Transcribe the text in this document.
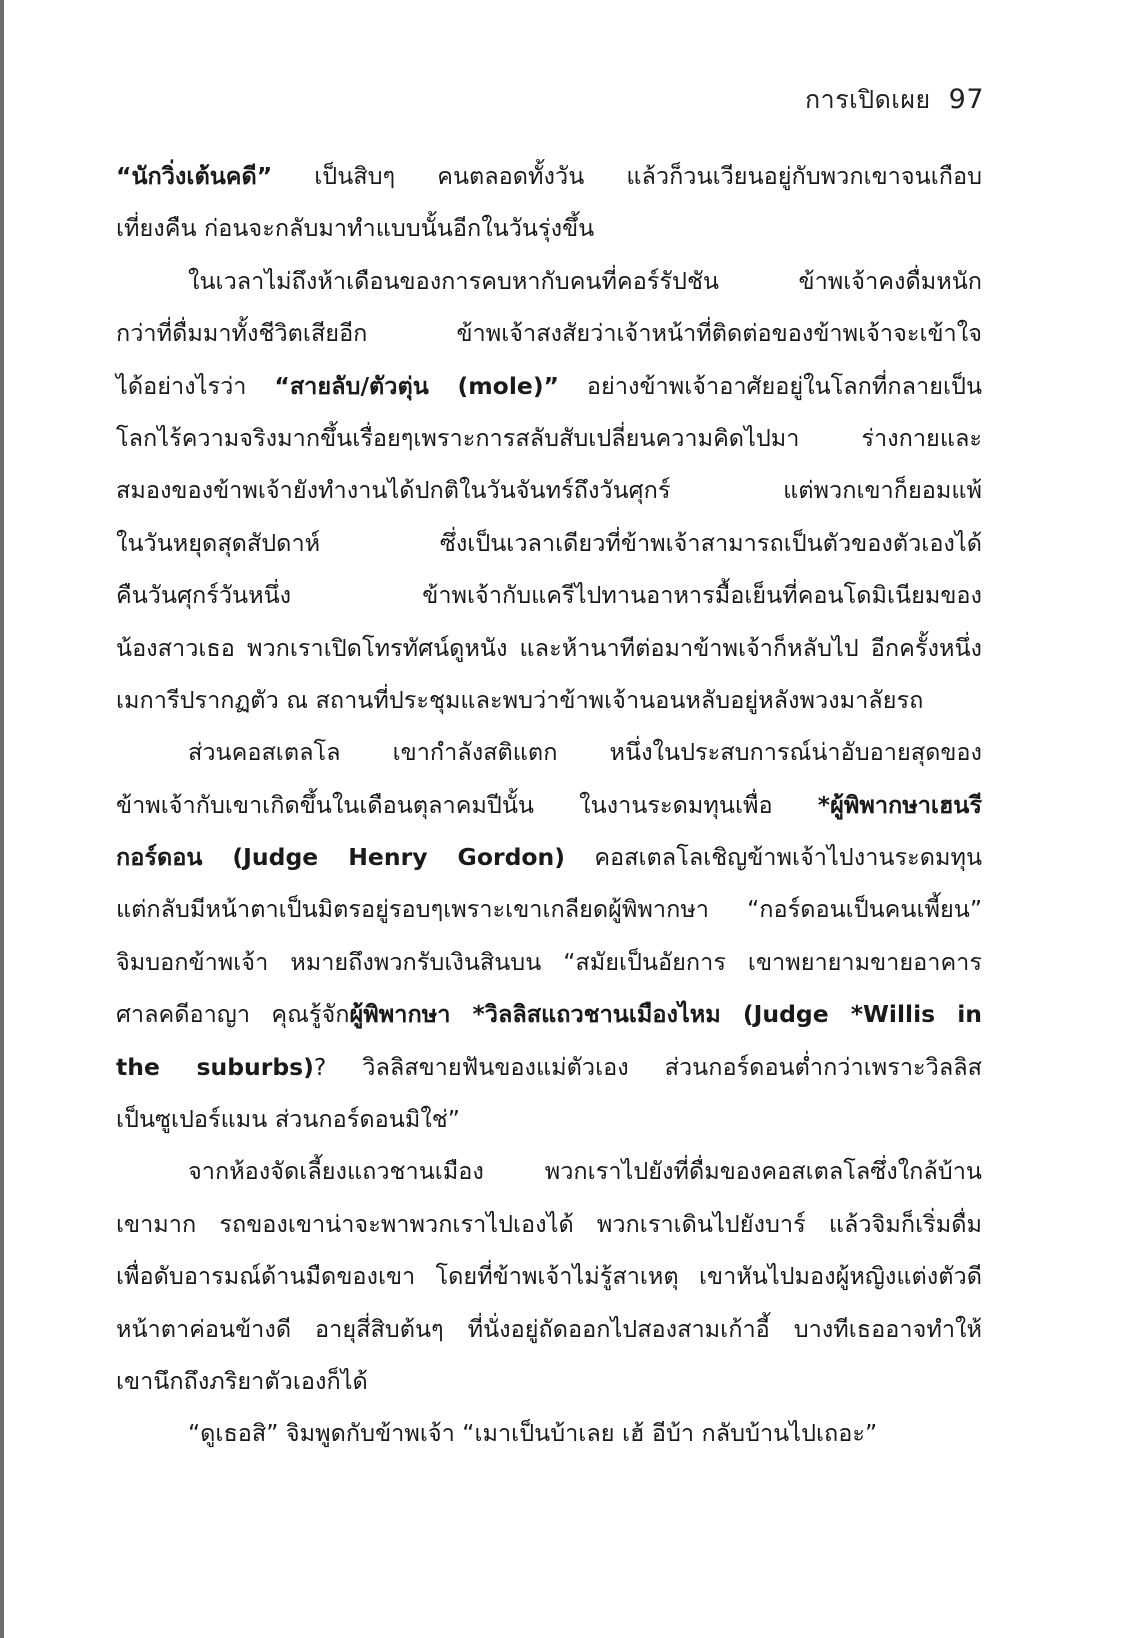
การเปิดเผย 97
“นักวิ่งเต้นคดี” เป็นสิบๆ คนตลอดทั้งวัน แล้วก็วนเวียนอยู่กับพวกเขาจนเกือบ
เที่ยงคืน ก่อนจะกลับมาทำแบบนั้นอีกในวันรุ่งขึ้น
ในเวลาไม่ถึงห้าเดือนของการคบหากับคนที่คอร์รัปชัน ข้าพเจ้าคงดื่มหนัก
กว่าที่ดื่มมาทั้งชีวิตเสียอีก ข้าพเจ้าสงสัยว่าเจ้าหน้าที่ติดต่อของข้าพเจ้าจะเข้าใจ
ได้อย่างไรว่า “สายลับ/ตัวตุ่น (mole)” อย่างข้าพเจ้าอาศัยอยู่ในโลกที่กลายเป็น
โลกไร้ความจริงมากขึ้นเรื่อยๆเพราะการสลับสับเปลี่ยนความคิดไปมา ร่างกายและ
สมองของข้าพเจ้ายังทำงานได้ปกติในวันจันทร์ถึงวันศุกร์ แต่พวกเขาก็ยอมแพ้
ในวันหยุดสุดสัปดาห์ ซึ่งเป็นเวลาเดียวที่ข้าพเจ้าสามารถเป็นตัวของตัวเองได้
คืนวันศุกร์วันหนึ่ง ข้าพเจ้ากับแครีไปทานอาหารมื้อเย็นที่คอนโดมิเนียมของ
น้องสาวเธอ พวกเราเปิดโทรทัศน์ดูหนัง และห้านาทีต่อมาข้าพเจ้าก็หลับไป อีกครั้งหนึ่ง
เมการีปรากฏตัว ณ สถานที่ประชุมและพบว่าข้าพเจ้านอนหลับอยู่หลังพวงมาลัยรถ
ส่วนคอสเตลโล เขากำลังสติแตก หนึ่งในประสบการณ์น่าอับอายสุดของ
ข้าพเจ้ากับเขาเกิดขึ้นในเดือนตุลาคมปีนั้น ในงานระดมทุนเพื่อ *ผู้พิพากษาเฮนรี
กอร์ดอน (Judge Henry Gordon) คอสเตลโลเชิญข้าพเจ้าไปงานระดมทุน
แต่กลับมีหน้าตาเป็นมิตรอยู่รอบๆเพราะเขาเกลียดผู้พิพากษา “กอร์ดอนเป็นคนเพี้ยน”
จิมบอกข้าพเจ้า หมายถึงพวกรับเงินสินบน “สมัยเป็นอัยการ เขาพยายามขายอาคาร
ศาลคดีอาญา คุณรู้จักผู้พิพากษา *วิลลิสแถวชานเมืองไหม (Judge *Willis in
the suburbs)? วิลลิสขายฟันของแม่ตัวเอง ส่วนกอร์ดอนต่ำกว่าเพราะวิลลิส
เป็นซูเปอร์แมน ส่วนกอร์ดอนมิใช่”
จากห้องจัดเลี้ยงแถวชานเมือง พวกเราไปยังที่ดื่มของคอสเตลโลซึ่งใกล้บ้าน
เขามาก รถของเขาน่าจะพาพวกเราไปเองได้ พวกเราเดินไปยังบาร์ แล้วจิมก็เริ่มดื่ม
เพื่อดับอารมณ์ด้านมืดของเขา โดยที่ข้าพเจ้าไม่รู้สาเหตุ เขาหันไปมองผู้หญิงแต่งตัวดี
หน้าตาค่อนข้างดี อายุสี่สิบต้นๆ ที่นั่งอยู่ถัดออกไปสองสามเก้าอี้ บางทีเธออาจทำให้
เขานึกถึงภริยาตัวเองก็ได้
“ดูเธอสิ” จิมพูดกับข้าพเจ้า “เมาเป็นบ้าเลย เฮ้ อีบ้า กลับบ้านไปเถอะ”
